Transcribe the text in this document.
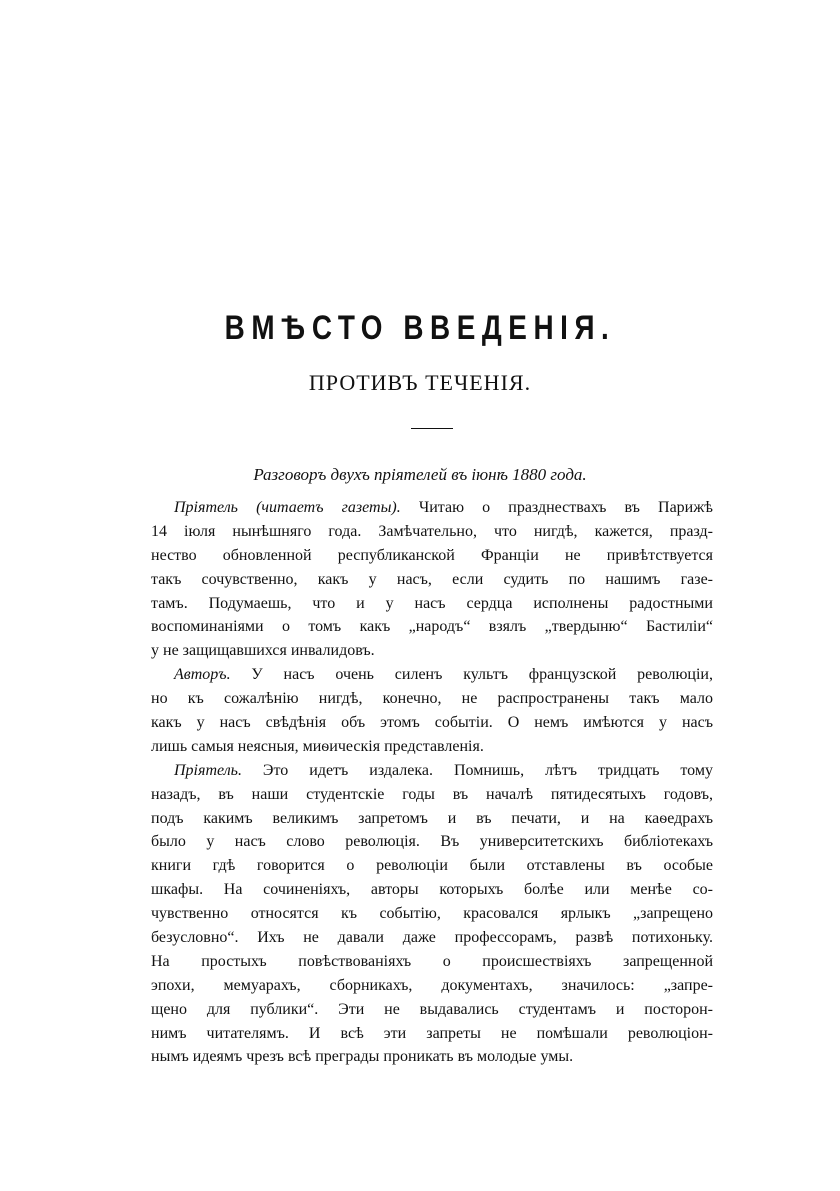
ВМѢСТО ВВЕДЕНІЯ.
ПРОТИВЪ ТЕЧЕНІЯ.
Разговоръ двухъ пріятелей въ іюнѣ 1880 года.
Пріятель (читаетъ газеты). Читаю о празднествахъ въ Парижѣ
14 іюля нынѣшняго года. Замѣчательно, что нигдѣ, кажется, празд-
нество обновленной республиканской Франціи не привѣтствуется
такъ сочувственно, какъ у насъ, если судить по нашимъ газе-
тамъ. Подумаешь, что и у насъ сердца исполнены радостными
воспоминаніями о томъ какъ „народъ“ взялъ „твердыню“ Бастиліи“
у не защищавшихся инвалидовъ.
Авторъ. У насъ очень силенъ культъ французской революціи,
но къ сожалѣнію нигдѣ, конечно, не распространены такъ мало
какъ у насъ свѣдѣнія объ этомъ событіи. О немъ имѣются у насъ
лишь самыя неясныя, миѳическія представленія.
Пріятель. Это идетъ издалека. Помнишь, лѣтъ тридцать тому
назадъ, въ наши студентскіе годы въ началѣ пятидесятыхъ годовъ,
подъ какимъ великимъ запретомъ и въ печати, и на каѳедрахъ
было у насъ слово революція. Въ университетскихъ библіотекахъ
книги гдѣ говорится о революціи были отставлены въ особые
шкафы. На сочиненіяхъ, авторы которыхъ болѣе или менѣе со-
чувственно относятся къ событію, красовался ярлыкъ „запрещено
безусловно“. Ихъ не давали даже профессорамъ, развѣ потихоньку.
На простыхъ повѣствованіяхъ о происшествіяхъ запрещенной
эпохи, мемуарахъ, сборникахъ, документахъ, значилось: „запре-
щено для публики“. Эти не выдавались студентамъ и посторон-
нимъ читателямъ. И всѣ эти запреты не помѣшали революціон-
нымъ идеямъ чрезъ всѣ преграды проникать въ молодые умы.
